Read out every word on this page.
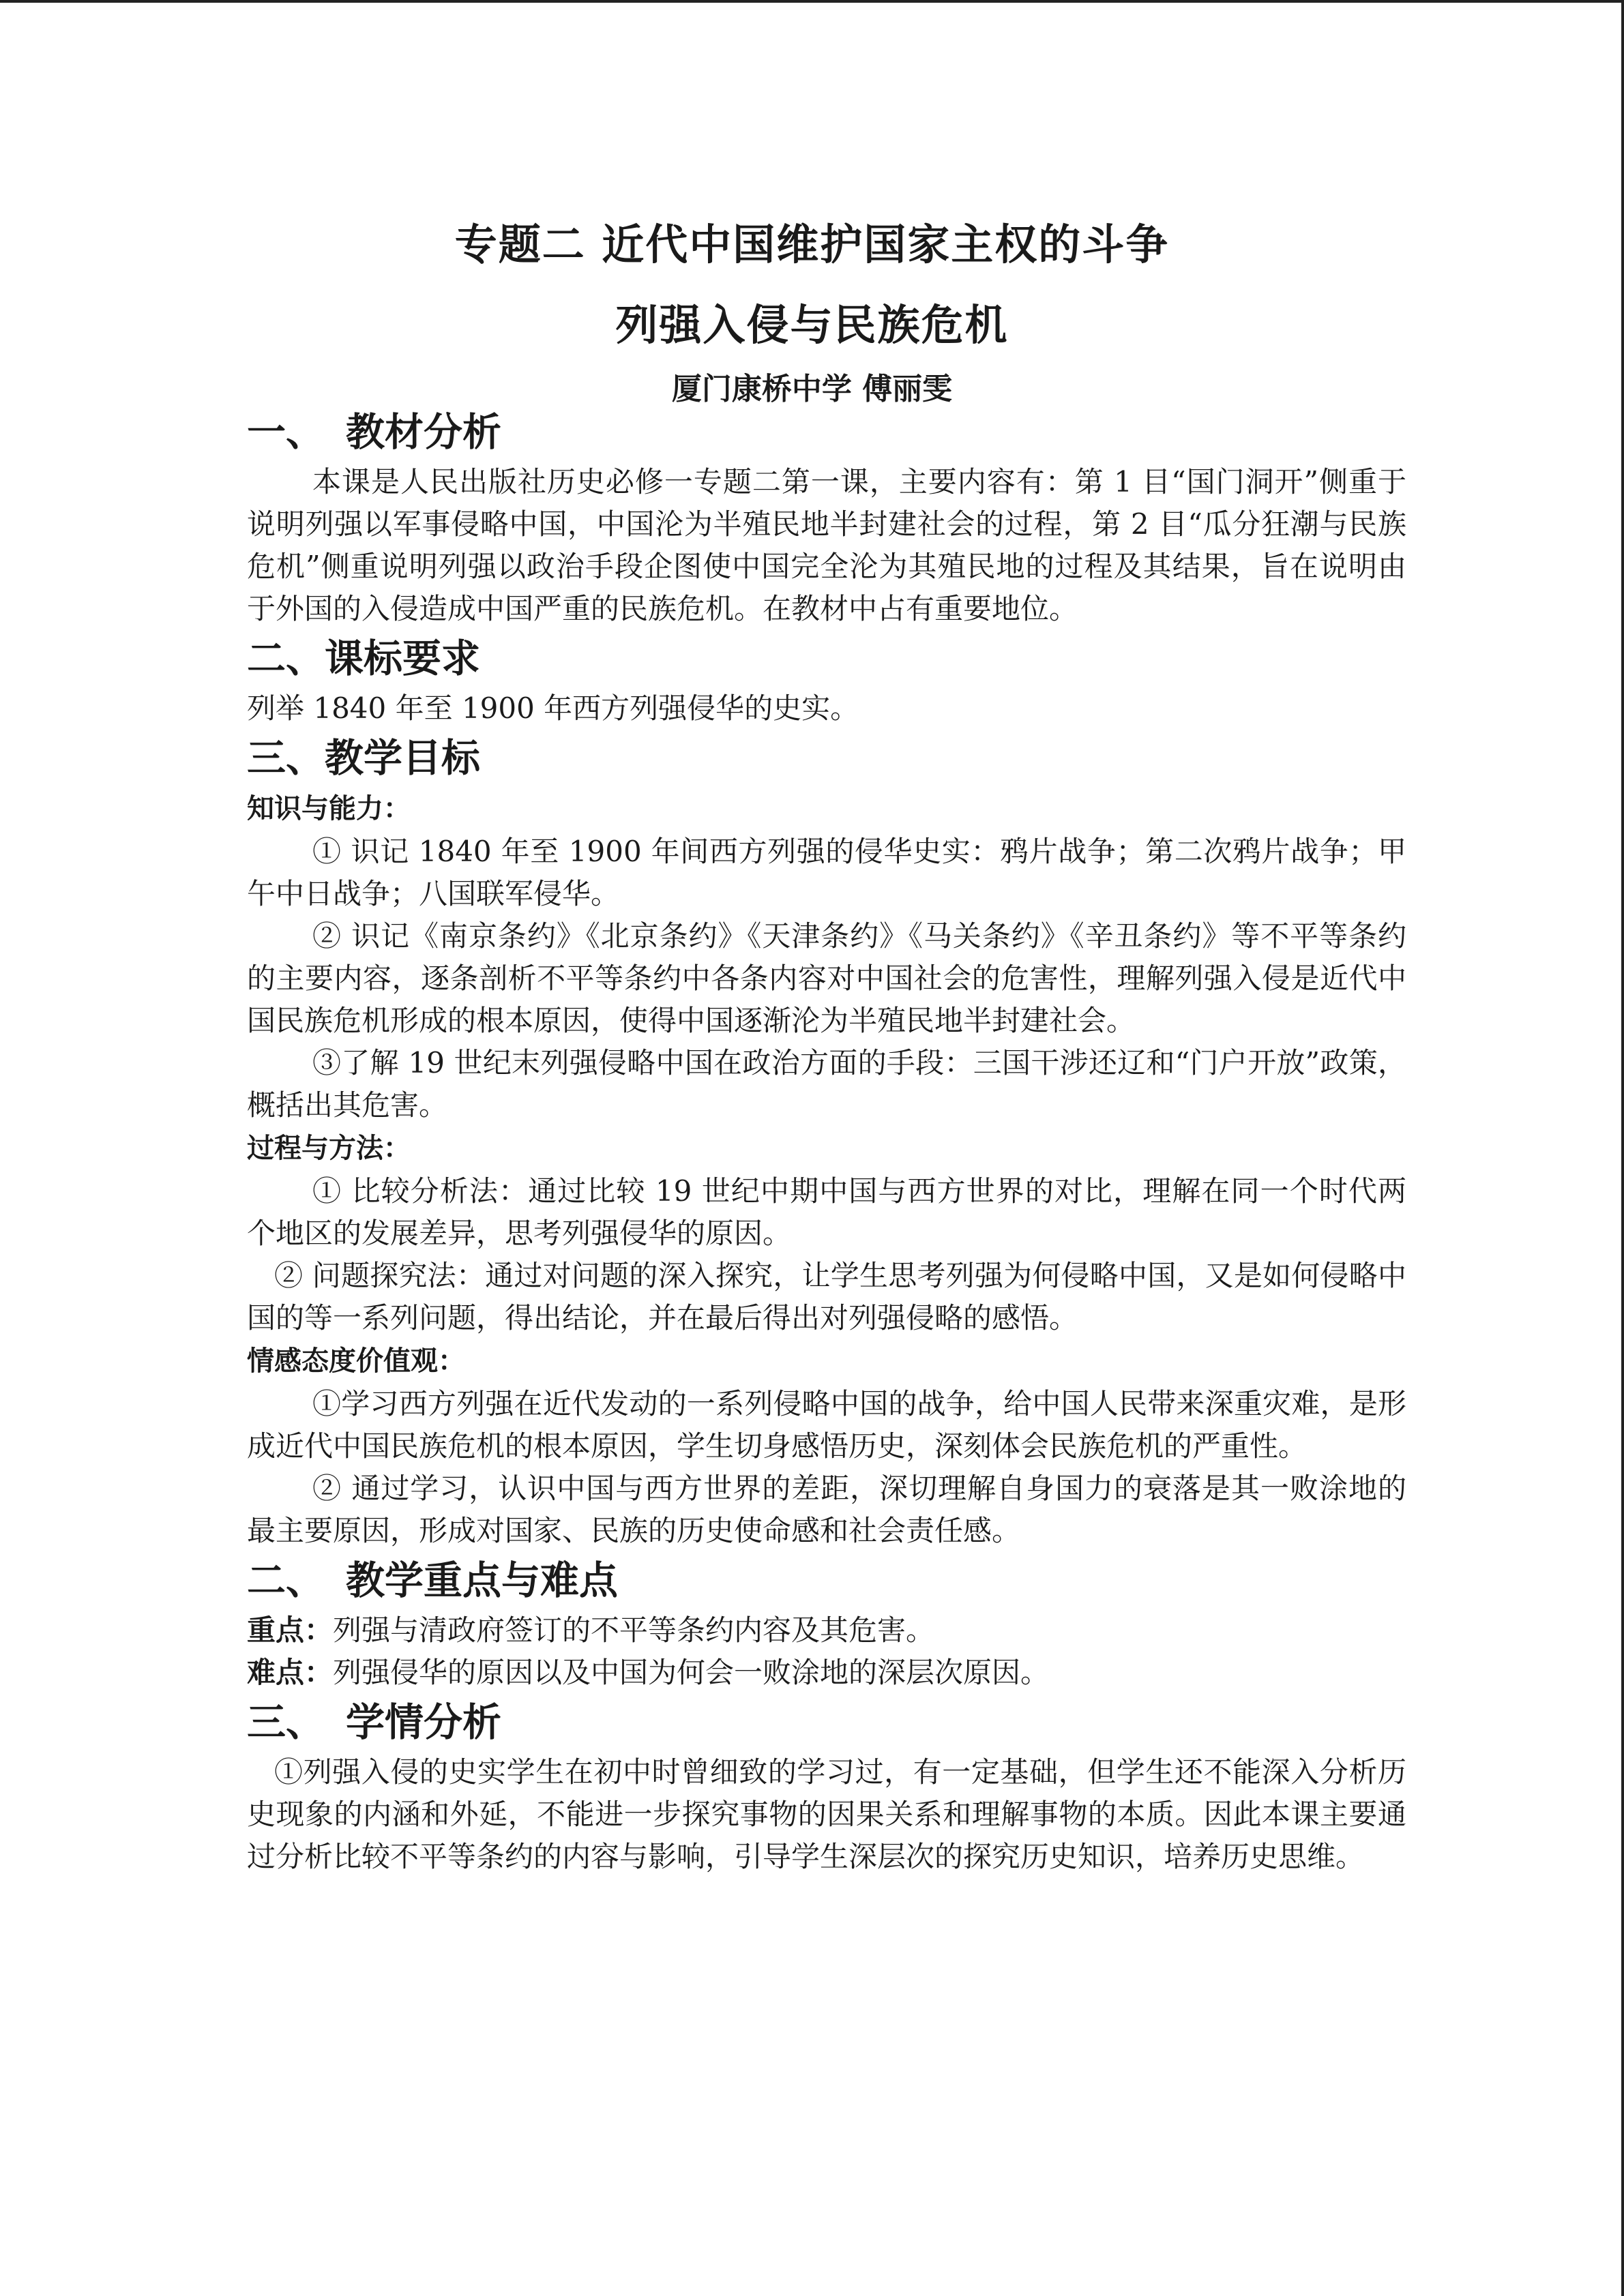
专题二 近代中国维护国家主权的斗争
列强入侵与民族危机
厦门康桥中学 傅丽雯
一、 教材分析

本课是人民出版社历史必修一专题二第一课，主要内容有：第 1 目“国门洞开”侧重于说明列强以军事侵略中国，中国沦为半殖民地半封建社会的过程，第 2 目“瓜分狂潮与民族危机”侧重说明列强以政治手段企图使中国完全沦为其殖民地的过程及其结果，旨在说明由于外国的入侵造成中国严重的民族危机。在教材中占有重要地位。

二、课标要求

列举 1840 年至 1900 年西方列强侵华的史实。

三、教学目标
知识与能力：

① 识记 1840 年至 1900 年间西方列强的侵华史实：鸦片战争；第二次鸦片战争；甲午中日战争；八国联军侵华。

② 识记《南京条约》《北京条约》《天津条约》《马关条约》《辛丑条约》等不平等条约的主要内容，逐条剖析不平等条约中各条内容对中国社会的危害性，理解列强入侵是近代中国民族危机形成的根本原因，使得中国逐渐沦为半殖民地半封建社会。

③了解 19 世纪末列强侵略中国在政治方面的手段：三国干涉还辽和“门户开放”政策，概括出其危害。

过程与方法：

① 比较分析法：通过比较 19 世纪中期中国与西方世界的对比，理解在同一个时代两个地区的发展差异，思考列强侵华的原因。

② 问题探究法：通过对问题的深入探究，让学生思考列强为何侵略中国，又是如何侵略中国的等一系列问题，得出结论，并在最后得出对列强侵略的感悟。

情感态度价值观：

①学习西方列强在近代发动的一系列侵略中国的战争，给中国人民带来深重灾难，是形成近代中国民族危机的根本原因，学生切身感悟历史，深刻体会民族危机的严重性。

② 通过学习，认识中国与西方世界的差距，深切理解自身国力的衰落是其一败涂地的最主要原因，形成对国家、民族的历史使命感和社会责任感。

二、 教学重点与难点

重点：列强与清政府签订的不平等条约内容及其危害。

难点：列强侵华的原因以及中国为何会一败涂地的深层次原因。

三、 学情分析

①列强入侵的史实学生在初中时曾细致的学习过，有一定基础，但学生还不能深入分析历史现象的内涵和外延，不能进一步探究事物的因果关系和理解事物的本质。因此本课主要通过分析比较不平等条约的内容与影响，引导学生深层次的探究历史知识，培养历史思维。
